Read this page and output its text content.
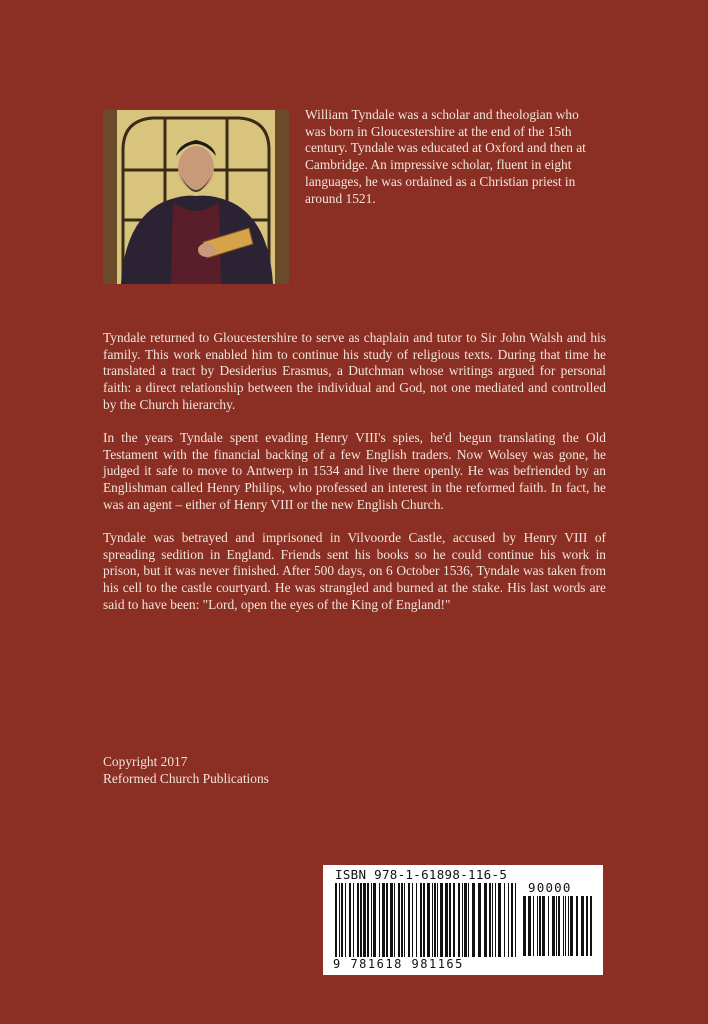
William Tyndale was a scholar and theologian who was born in Gloucestershire at the end of the 15th century. Tyndale was educated at Oxford and then at Cambridge. An impressive scholar, fluent in eight languages, he was ordained as a Christian priest in around 1521.

Tyndale returned to Gloucestershire to serve as chaplain and tutor to Sir John Walsh and his family. This work enabled him to continue his study of religious texts. During that time he translated a tract by Desiderius Erasmus, a Dutchman whose writings argued for personal faith: a direct relationship between the individual and God, not one mediated and controlled by the Church hierarchy.

In the years Tyndale spent evading Henry VIII's spies, he'd begun translating the Old Testament with the financial backing of a few English traders. Now Wolsey was gone, he judged it safe to move to Antwerp in 1534 and live there openly. He was befriended by an Englishman called Henry Philips, who professed an interest in the reformed faith. In fact, he was an agent – either of Henry VIII or the new English Church.

Tyndale was betrayed and imprisoned in Vilvoorde Castle, accused by Henry VIII of spreading sedition in England. Friends sent his books so he could continue his work in prison, but it was never finished. After 500 days, on 6 October 1536, Tyndale was taken from his cell to the castle courtyard. He was strangled and burned at the stake. His last words are said to have been: "Lord, open the eyes of the King of England!"

Copyright 2017
Reformed Church Publications
ISBN 978-1-61898-116-5
90000
9 781618 981165
